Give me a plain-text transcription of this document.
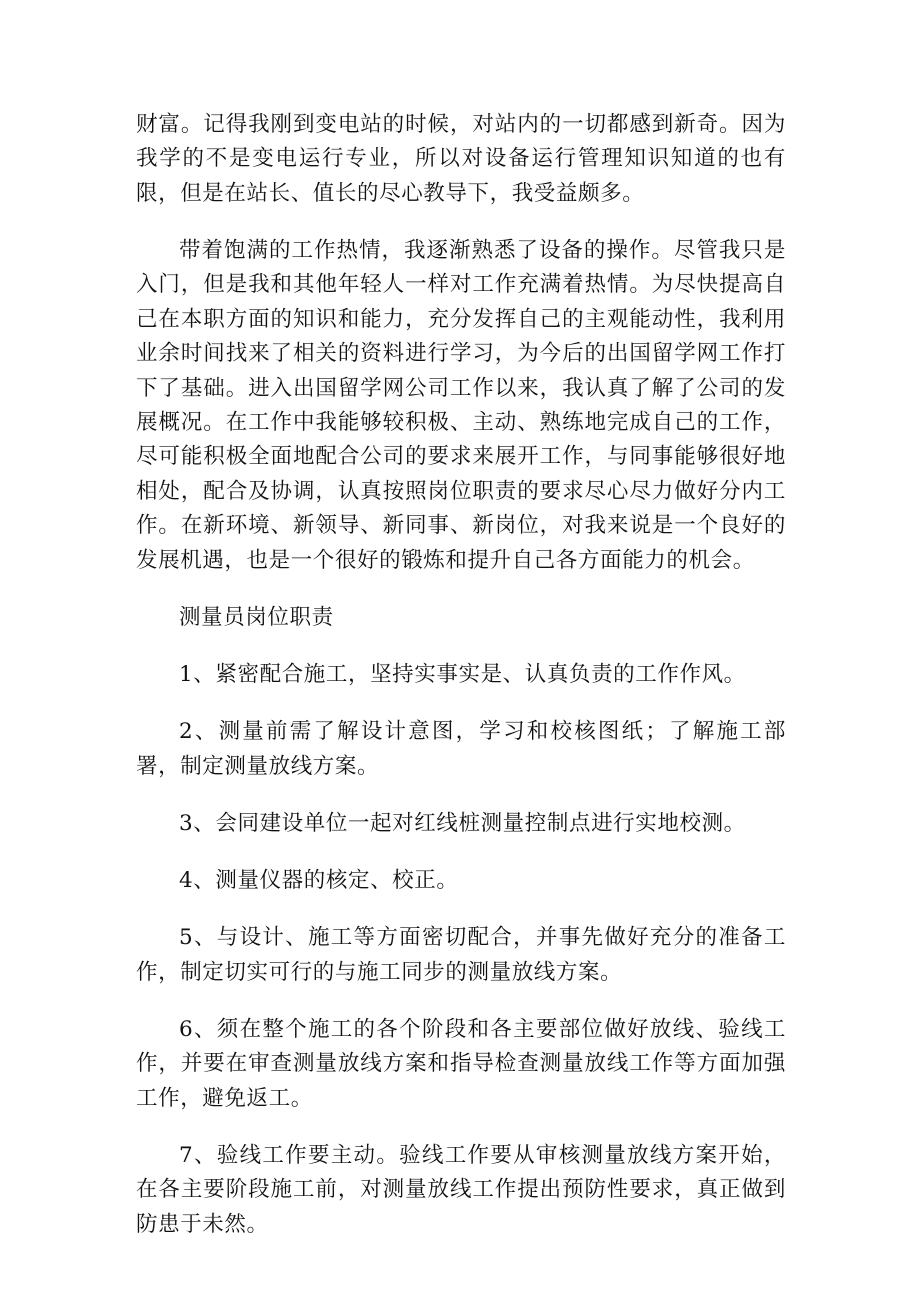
财富。记得我刚到变电站的时候，对站内的一切都感到新奇。因为我学的不是变电运行专业，所以对设备运行管理知识知道的也有限，但是在站长、值长的尽心教导下，我受益颇多。

带着饱满的工作热情，我逐渐熟悉了设备的操作。尽管我只是入门，但是我和其他年轻人一样对工作充满着热情。为尽快提高自己在本职方面的知识和能力，充分发挥自己的主观能动性，我利用业余时间找来了相关的资料进行学习，为今后的出国留学网工作打下了基础。进入出国留学网公司工作以来，我认真了解了公司的发展概况。在工作中我能够较积极、主动、熟练地完成自己的工作，尽可能积极全面地配合公司的要求来展开工作，与同事能够很好地相处，配合及协调，认真按照岗位职责的要求尽心尽力做好分内工作。在新环境、新领导、新同事、新岗位，对我来说是一个良好的发展机遇，也是一个很好的锻炼和提升自己各方面能力的机会。

测量员岗位职责

1、紧密配合施工，坚持实事实是、认真负责的工作作风。

2、测量前需了解设计意图，学习和校核图纸；了解施工部署，制定测量放线方案。

3、会同建设单位一起对红线桩测量控制点进行实地校测。

4、测量仪器的核定、校正。

5、与设计、施工等方面密切配合，并事先做好充分的准备工作，制定切实可行的与施工同步的测量放线方案。

6、须在整个施工的各个阶段和各主要部位做好放线、验线工作，并要在审查测量放线方案和指导检查测量放线工作等方面加强工作，避免返工。

7、验线工作要主动。验线工作要从审核测量放线方案开始，在各主要阶段施工前，对测量放线工作提出预防性要求，真正做到防患于未然。
